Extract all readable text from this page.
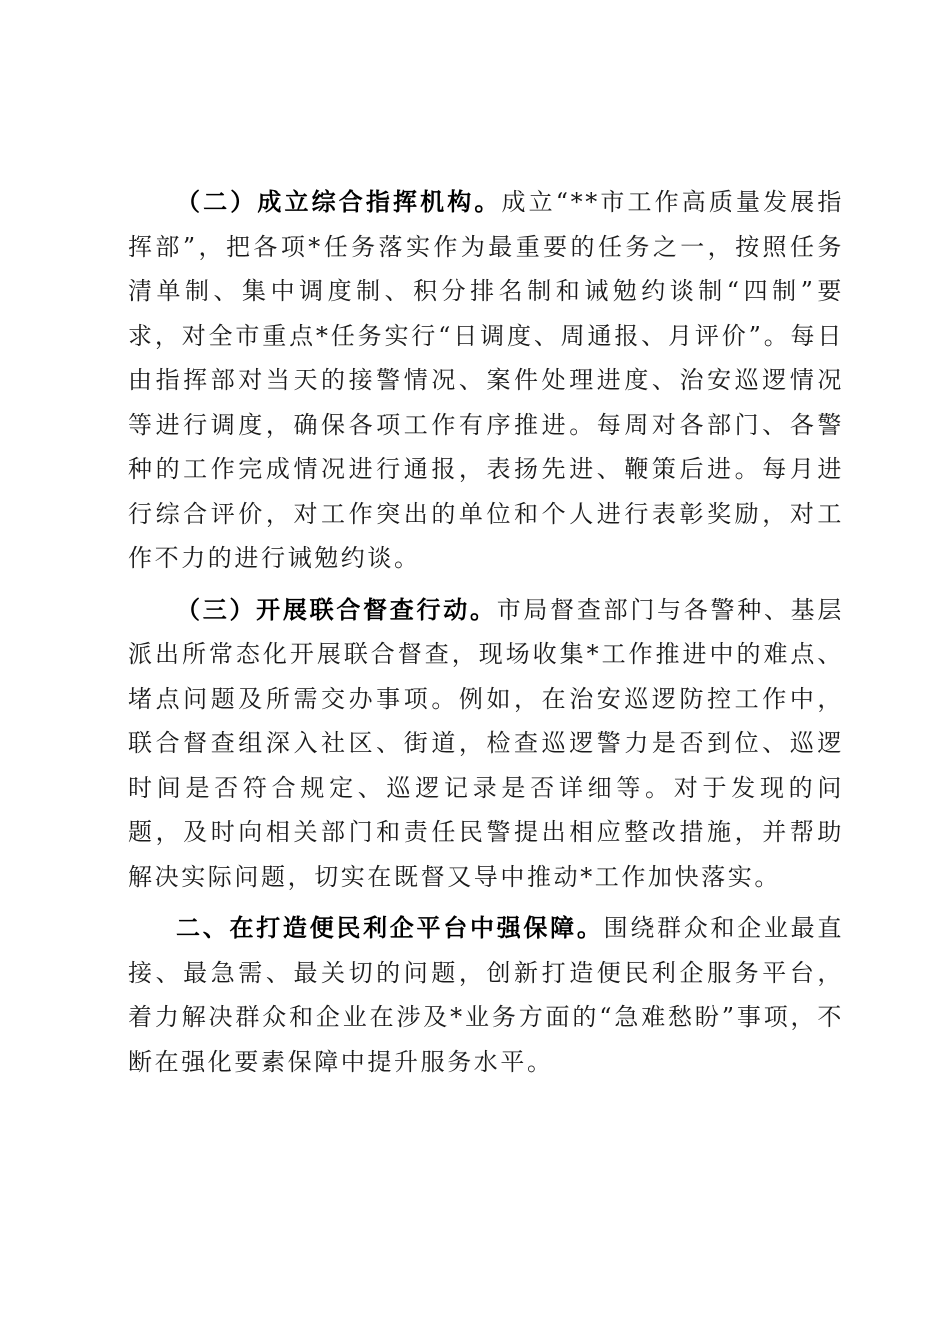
（二）成立综合指挥机构。成立“**市工作高质量发展指挥部”，把各项*任务落实作为最重要的任务之一，按照任务清单制、集中调度制、积分排名制和诫勉约谈制“四制”要求，对全市重点*任务实行“日调度、周通报、月评价”。每日由指挥部对当天的接警情况、案件处理进度、治安巡逻情况等进行调度，确保各项工作有序推进。每周对各部门、各警种的工作完成情况进行通报，表扬先进、鞭策后进。每月进行综合评价，对工作突出的单位和个人进行表彰奖励，对工作不力的进行诫勉约谈。

（三）开展联合督查行动。市局督查部门与各警种、基层派出所常态化开展联合督查，现场收集*工作推进中的难点、堵点问题及所需交办事项。例如，在治安巡逻防控工作中，联合督查组深入社区、街道，检查巡逻警力是否到位、巡逻时间是否符合规定、巡逻记录是否详细等。对于发现的问题，及时向相关部门和责任民警提出相应整改措施，并帮助解决实际问题，切实在既督又导中推动*工作加快落实。

二、在打造便民利企平台中强保障。围绕群众和企业最直接、最急需、最关切的问题，创新打造便民利企服务平台，着力解决群众和企业在涉及*业务方面的“急难愁盼”事项，不断在强化要素保障中提升服务水平。
